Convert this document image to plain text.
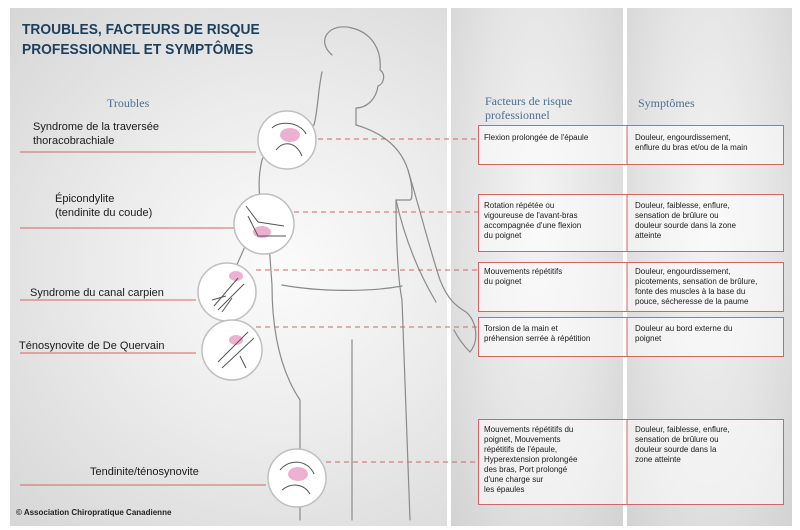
TROUBLES, FACTEURS DE RISQUE
PROFESSIONNEL ET SYMPTÔMES
Troubles	Facteurs de risque
professionnel
Symptômes
Syndrome de la traversée
thoracobrachiale
Épicondylite
(tendinite du coude)
Syndrome du canal carpien
Ténosynovite de De Quervain
Tendinite/ténosynovite
Flexion prolongée de l'épaule
Rotation répétée ou
vigoureuse de l'avant-bras
accompagnée d'une flexion
du poignet
Mouvements répétitifs
du poignet
Torsion de la main et
préhension serrée à répétition
Mouvements répétitifs du
poignet, Mouvements
répétitifs de l'épaule,
Hyperextension prolongée
des bras, Port prolongé
d'une charge sur
les épaules
Douleur, engourdissement,
enflure du bras et/ou de la main
Douleur, faiblesse, enflure,
sensation de brûlure ou
douleur sourde dans la zone
atteinte
Douleur, engourdissement,
picotements, sensation de brûlure,
fonte des muscles à la base du
pouce, sécheresse de la paume
Douleur au bord externe du
poignet
Douleur, faiblesse, enflure,
sensation de brûlure ou
douleur sourde dans la
zone atteinte
© Association Chiropratique Canadienne
